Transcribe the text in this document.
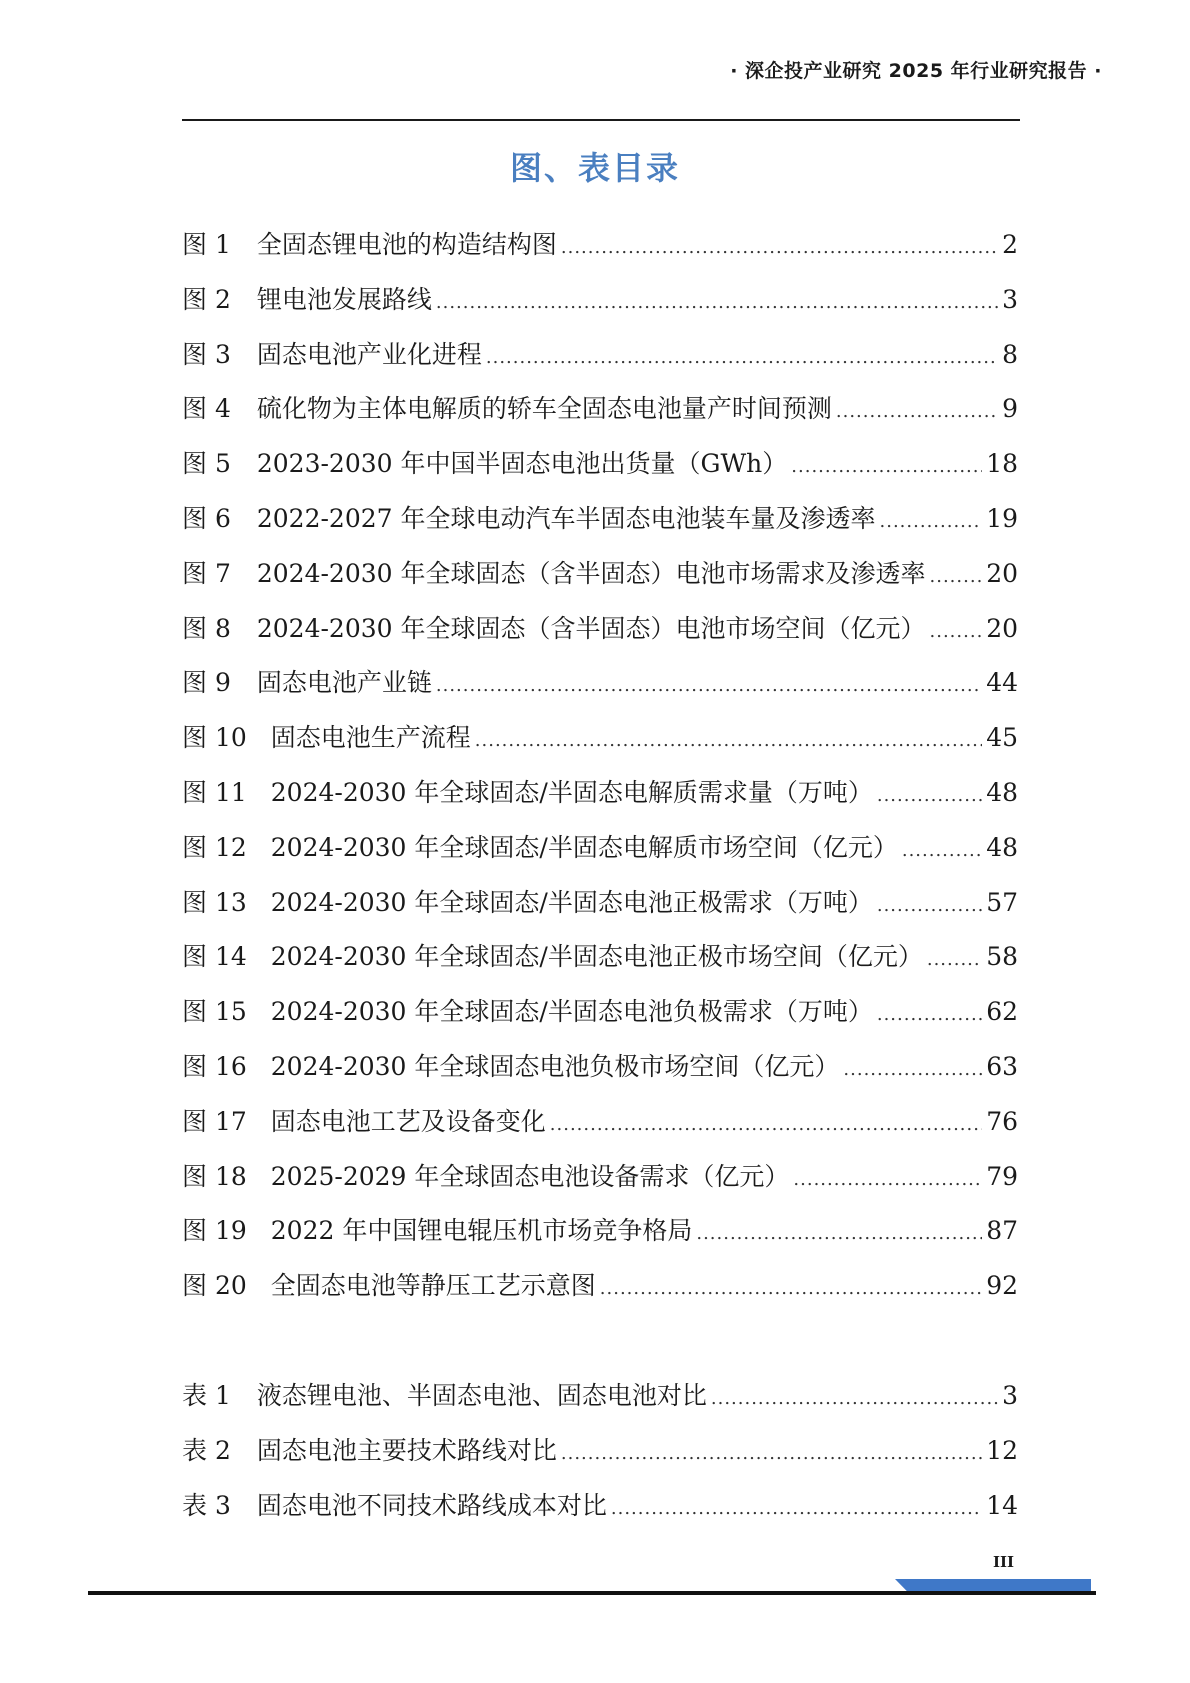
· 深企投产业研究 2025 年行业研究报告 ·
图、表目录
图 1 全固态锂电池的构造结构图 .....	2
图 2 锂电池发展路线 .....	3
图 3 固态电池产业化进程 .....	8
图 4 硫化物为主体电解质的轿车全固态电池量产时间预测 .....	9
图 5 2023-2030 年中国半固态电池出货量（GWh） .....	18
图 6 2022-2027 年全球电动汽车半固态电池装车量及渗透率 .....	19
图 7 2024-2030 年全球固态（含半固态）电池市场需求及渗透率 ..... 20
图 8 2024-2030 年全球固态（含半固态）电池市场空间（亿元） ..... 20
图 9 固态电池产业链 .....	44
图 10 固态电池生产流程 .....	45
图 11 2024-2030 年全球固态/半固态电解质需求量（万吨） .....	48
图 12 2024-2030 年全球固态/半固态电解质市场空间（亿元） .....	48
图 13 2024-2030 年全球固态/半固态电池正极需求（万吨） .....	57
图 14 2024-2030 年全球固态/半固态电池正极市场空间（亿元） .....	58
图 15 2024-2030 年全球固态/半固态电池负极需求（万吨） .....	62
图 16 2024-2030 年全球固态电池负极市场空间（亿元） .....	63
图 17 固态电池工艺及设备变化 .....	76
图 18 2025-2029 年全球固态电池设备需求（亿元） .....	79
图 19 2022 年中国锂电辊压机市场竞争格局 .....	87
图 20 全固态电池等静压工艺示意图 .....	92
表 1 液态锂电池、半固态电池、固态电池对比 .....	3
表 2 固态电池主要技术路线对比 .....	12
表 3 固态电池不同技术路线成本对比 .....	14
III
